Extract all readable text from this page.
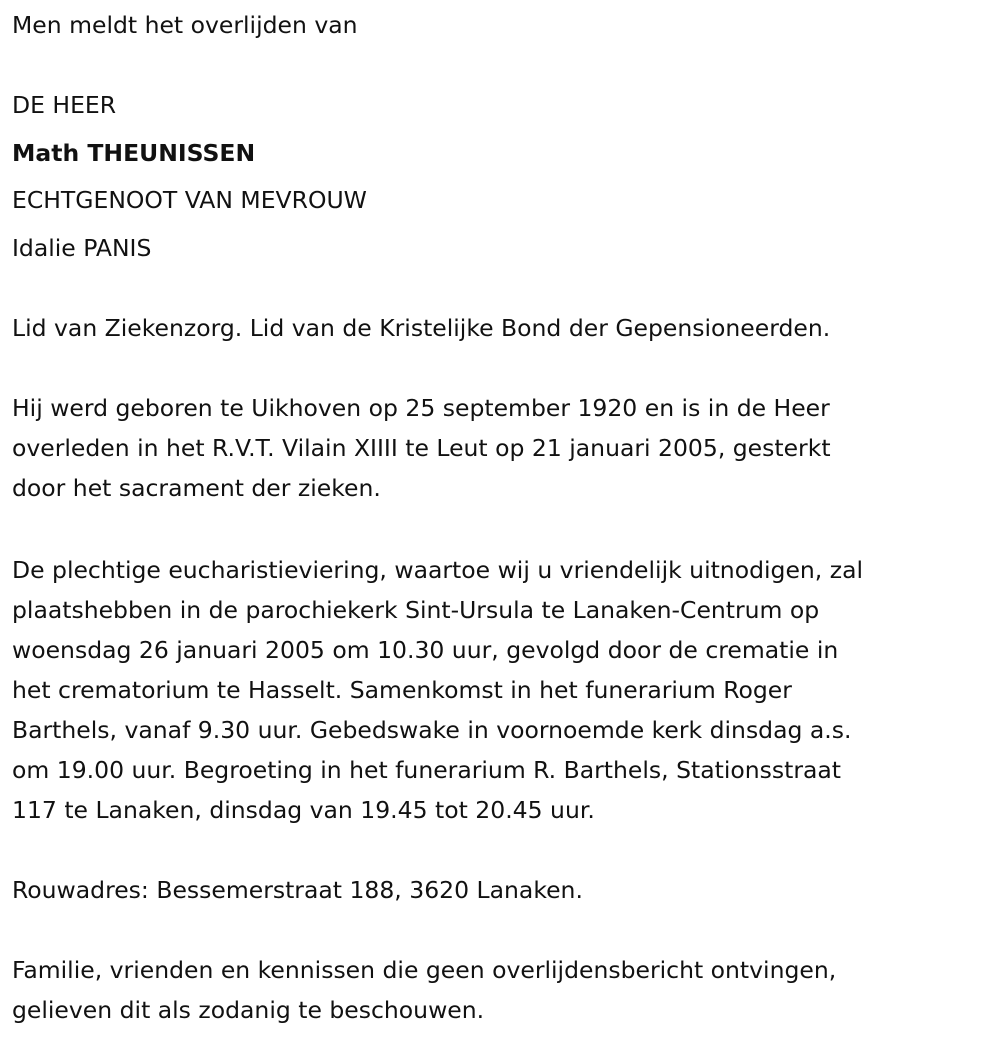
Men meldt het overlijden van
DE HEER
Math THEUNISSEN
ECHTGENOOT VAN MEVROUW
Idalie PANIS
Lid van Ziekenzorg. Lid van de Kristelijke Bond der Gepensioneerden.
Hij werd geboren te Uikhoven op 25 september 1920 en is in de Heer
overleden in het R.V.T. Vilain XIIII te Leut op 21 januari 2005, gesterkt
door het sacrament der zieken.
De plechtige eucharistieviering, waartoe wij u vriendelijk uitnodigen, zal
plaatshebben in de parochiekerk Sint-Ursula te Lanaken-Centrum op
woensdag 26 januari 2005 om 10.30 uur, gevolgd door de crematie in
het crematorium te Hasselt. Samenkomst in het funerarium Roger
Barthels, vanaf 9.30 uur. Gebedswake in voornoemde kerk dinsdag a.s.
om 19.00 uur. Begroeting in het funerarium R. Barthels, Stationsstraat
117 te Lanaken, dinsdag van 19.45 tot 20.45 uur.
Rouwadres: Bessemerstraat 188, 3620 Lanaken.
Familie, vrienden en kennissen die geen overlijdensbericht ontvingen,
gelieven dit als zodanig te beschouwen.
